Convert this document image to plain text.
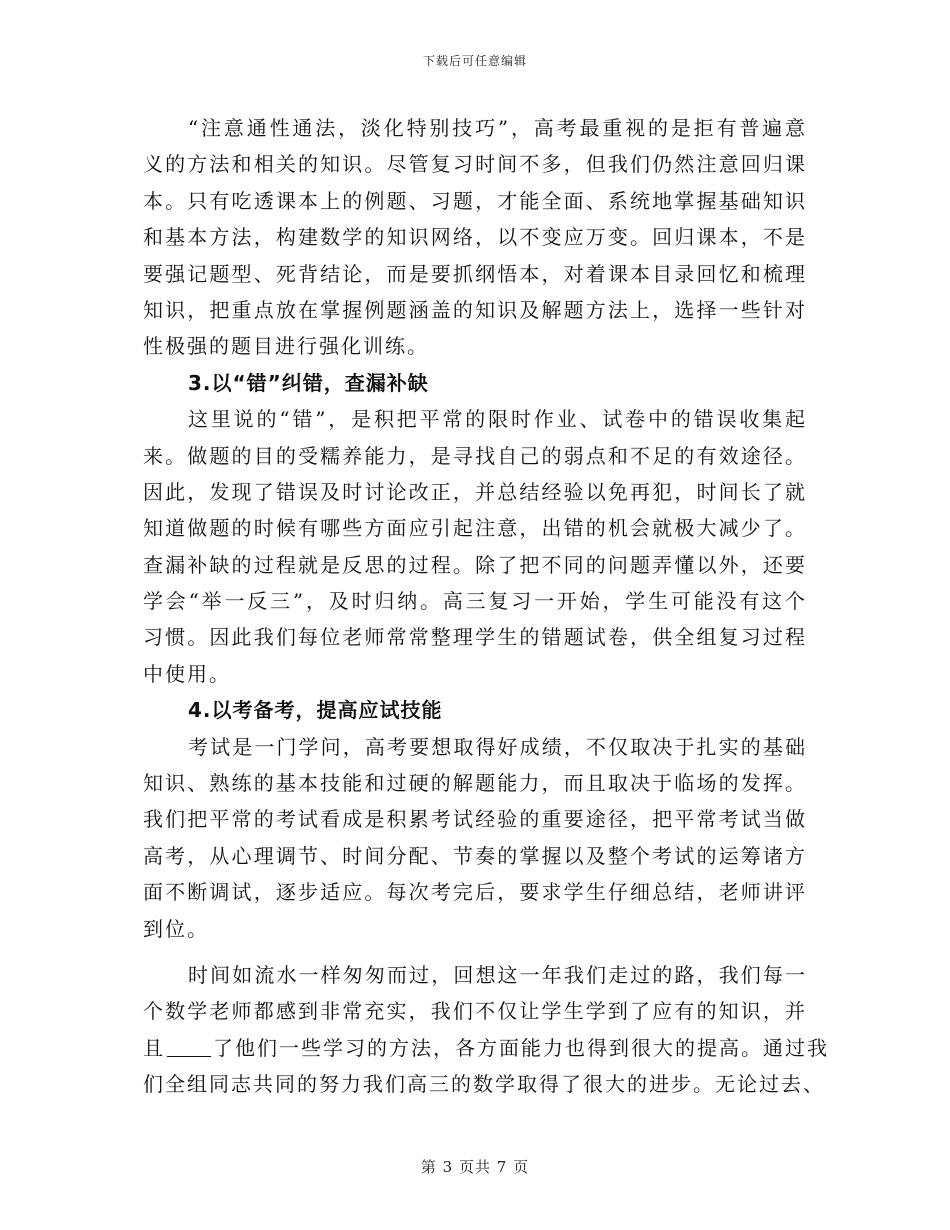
下载后可任意编辑
“注意通性通法，淡化特别技巧”，高考最重视的是拒有普遍意
义的方法和相关的知识。尽管复习时间不多，但我们仍然注意回归课
本。只有吃透课本上的例题、习题，才能全面、系统地掌握基础知识
和基本方法，构建数学的知识网络，以不变应万变。回归课本，不是
要强记题型、死背结论，而是要抓纲悟本，对着课本目录回忆和梳理
知识，把重点放在掌握例题涵盖的知识及解题方法上，选择一些针对
性极强的题目进行强化训练。
3.以“错”纠错，查漏补缺
这里说的“错”，是积把平常的限时作业、试卷中的错误收集起
来。做题的目的受糯养能力，是寻找自己的弱点和不足的有效途径。
因此，发现了错误及时讨论改正，并总结经验以免再犯，时间长了就
知道做题的时候有哪些方面应引起注意，出错的机会就极大减少了。
查漏补缺的过程就是反思的过程。除了把不同的问题弄懂以外，还要
学会“举一反三”，及时归纳。高三复习一开始，学生可能没有这个
习惯。因此我们每位老师常常整理学生的错题试卷，供全组复习过程
中使用。
4.以考备考，提高应试技能
考试是一门学问，高考要想取得好成绩，不仅取决于扎实的基础
知识、熟练的基本技能和过硬的解题能力，而且取决于临场的发挥。
我们把平常的考试看成是积累考试经验的重要途径，把平常考试当做
高考，从心理调节、时间分配、节奏的掌握以及整个考试的运筹诸方
面不断调试，逐步适应。每次考完后，要求学生仔细总结，老师讲评
到位。
时间如流水一样匆匆而过，回想这一年我们走过的路，我们每一
个数学老师都感到非常充实，我们不仅让学生学到了应有的知识，并
且 了他们一些学习的方法，各方面能力也得到很大的提高。通过我
们全组同志共同的努力我们高三的数学取得了很大的进步。无论过去、
第 3 页共 7 页
